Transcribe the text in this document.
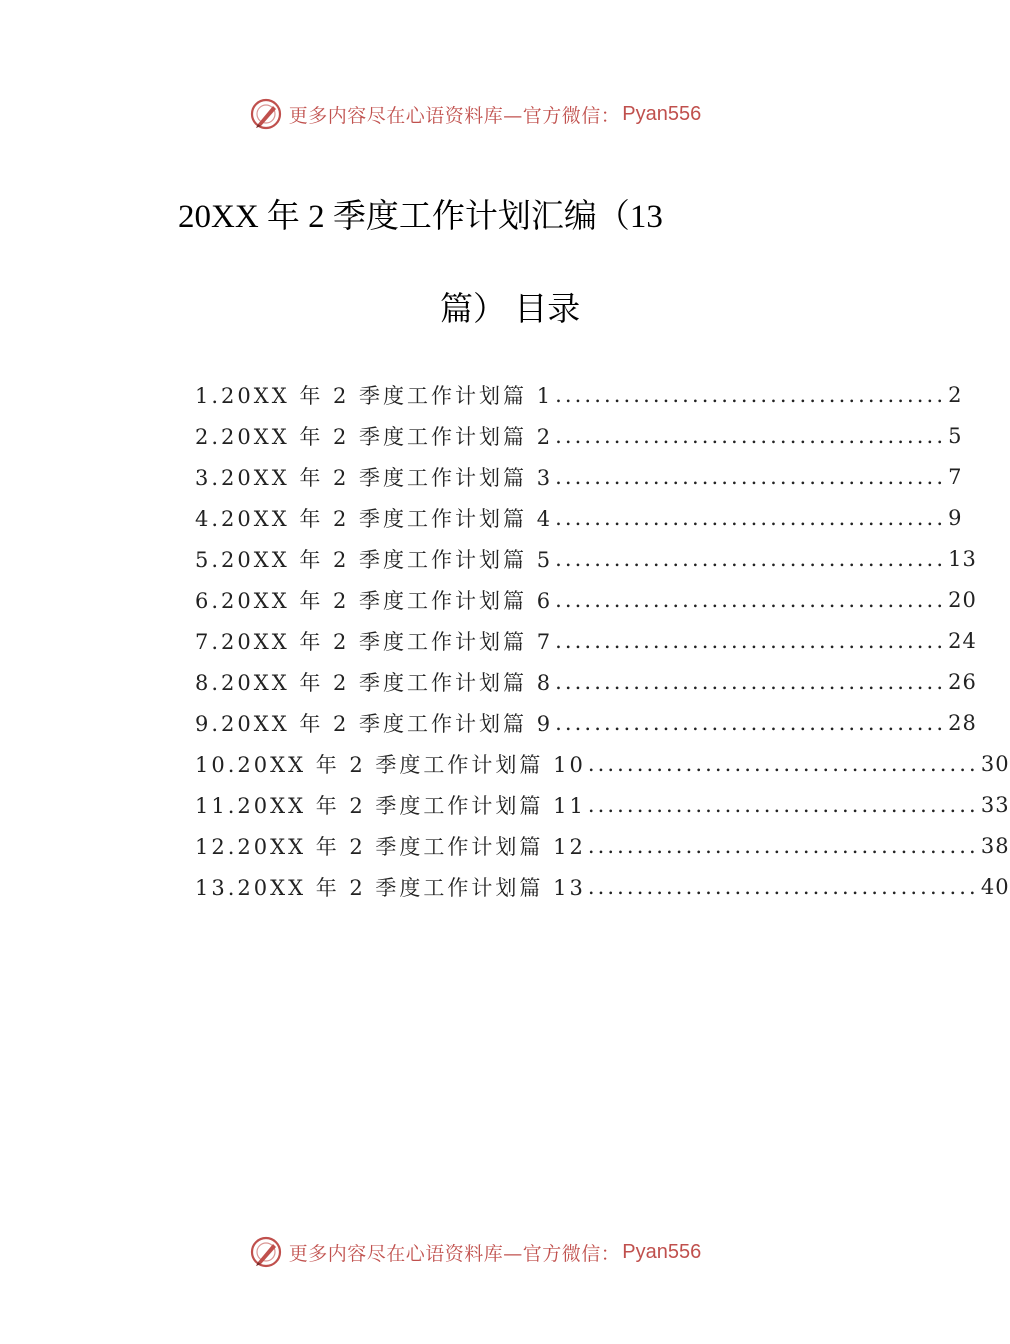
更多内容尽在心语资料库—官方微信： Pyan556
20XX 年 2 季度工作计划汇编（13
篇） 目录
1.20XX 年 2 季度工作计划篇 1 ........................................ 2
2.20XX 年 2 季度工作计划篇 2 ........................................ 5
3.20XX 年 2 季度工作计划篇 3 ........................................ 7
4.20XX 年 2 季度工作计划篇 4 ........................................ 9
5.20XX 年 2 季度工作计划篇 5 ........................................ 13
6.20XX 年 2 季度工作计划篇 6 ........................................ 20
7.20XX 年 2 季度工作计划篇 7 ........................................ 24
8.20XX 年 2 季度工作计划篇 8 ........................................ 26
9.20XX 年 2 季度工作计划篇 9 ........................................ 28
10.20XX 年 2 季度工作计划篇 10 ........................................ 30
11.20XX 年 2 季度工作计划篇 11 ........................................ 33
12.20XX 年 2 季度工作计划篇 12 ........................................ 38
13.20XX 年 2 季度工作计划篇 13 ........................................ 40
更多内容尽在心语资料库—官方微信： Pyan556
